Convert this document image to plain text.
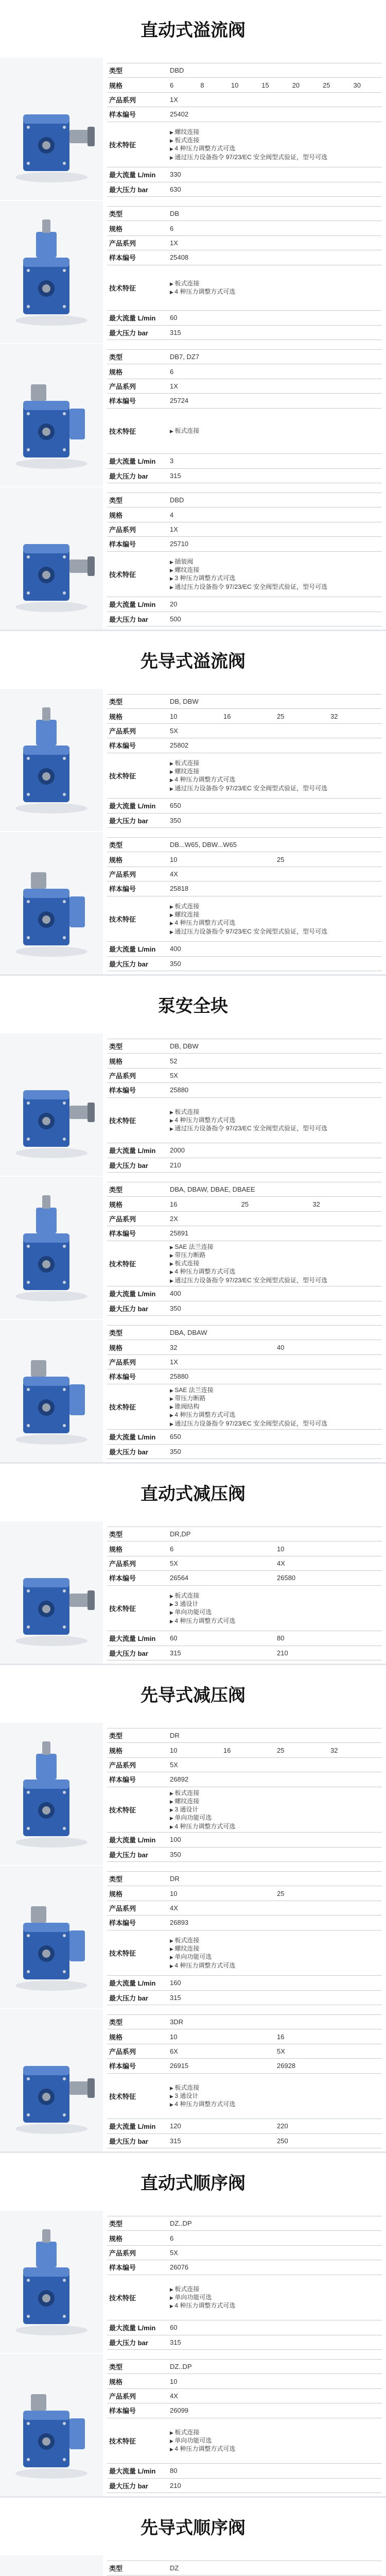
直动式溢流阀
类型	DBD
规格	6	8	10	15	20	25	30
产品系列	1X
样本编号	25402
技术特征
▶ 螺纹连接
▶ 板式连接
▶ 4 种压力调整方式可选
▶ 通过压力设备指令 97/23/EC 安全阀型式验证，型号可选
最大流量 L/min	330
最大压力 bar	630
类型	DB
规格	6
产品系列	1X
样本编号	25408
技术特征
▶ 板式连接
▶ 4 种压力调整方式可选
最大流量 L/min	60
最大压力 bar	315
类型	DB7, DZ7
规格	6
产品系列	1X
样本编号	25724
技术特征	▶ 板式连接
最大流量 L/min	3
最大压力 bar	315
类型	DBD
规格	4
产品系列	1X
样本编号	25710
技术特征
▶ 插装阀
▶ 螺纹连接
▶ 3 种压力调整方式可选
▶ 通过压力设备指令 97/23/EC 安全阀型式验证，型号可选
最大流量 L/min	20
最大压力 bar	500
先导式溢流阀
类型	DB, DBW
规格	10	16	25	32
产品系列	5X
样本编号	25802
技术特征
▶ 板式连接
▶ 螺纹连接
▶ 4 种压力调整方式可选
▶ 通过压力设备指令 97/23/EC 安全阀型式验证，型号可选
最大流量 L/min	650
最大压力 bar	350
类型	DB...W65, DBW...W65
规格	10	25
产品系列	4X
样本编号	25818
技术特征
▶ 板式连接
▶ 螺纹连接
▶ 4 种压力调整方式可选
▶ 通过压力设备指令 97/23/EC 安全阀型式验证，型号可选
最大流量 L/min	400
最大压力 bar	350
泵安全块
类型	DB, DBW
规格	52
产品系列	5X
样本编号	25880
技术特征
▶ 板式连接
▶ 4 种压力调整方式可选
▶ 通过压力设备指令 97/23/EC 安全阀型式验证，型号可选
最大流量 L/min	2000
最大压力 bar	210
类型	DBA, DBAW, DBAE, DBAEE
规格	16	25	32
产品系列	2X
样本编号	25891
技术特征
▶ SAE 法兰连接
▶ 带压力断路
▶ 板式连接
▶ 4 种压力调整方式可选
▶ 通过压力设备指令 97/23/EC 安全阀型式验证，型号可选
最大流量 L/min	400
最大压力 bar	350
类型	DBA, DBAW
规格	32	40
产品系列	1X
样本编号	25880
技术特征
▶ SAE 法兰连接
▶ 带压力断路
▶ 锥阀结构
▶ 4 种压力调整方式可选
▶ 通过压力设备指令 97/23/EC 安全阀型式验证，型号可选
最大流量 L/min	650
最大压力 bar	350
直动式减压阀
类型	DR,DP
规格	6	10
产品系列	5X	4X
样本编号	26564	26580
技术特征
▶ 板式连接
▶ 3 通设计
▶ 单向功能可选
▶ 4 种压力调整方式可选
最大流量 L/min	60	80
最大压力 bar	315	210
先导式减压阀
类型	DR
规格	10	16	25	32
产品系列	5X
样本编号	26892
技术特征
▶ 板式连接
▶ 螺纹连接
▶ 3 通设计
▶ 单向功能可选
▶ 4 种压力调整方式可选
最大流量 L/min	100
最大压力 bar	350
类型	DR
规格	10	25
产品系列	4X
样本编号	26893
技术特征
▶ 板式连接
▶ 螺纹连接
▶ 单向功能可选
▶ 4 种压力调整方式可选
最大流量 L/min	160
最大压力 bar	315
类型	3DR
规格	10	16
产品系列	6X	5X
样本编号	26915	26928
技术特征
▶ 板式连接
▶ 3 通设计
▶ 4 种压力调整方式可选
最大流量 L/min	120	220
最大压力 bar	315	250
直动式顺序阀
类型	DZ..DP
规格	6
产品系列	5X
样本编号	26076
技术特征
▶ 板式连接
▶ 单向功能可选
▶ 4 种压力调整方式可选
最大流量 L/min	60
最大压力 bar	315
类型	DZ..DP
规格	10
产品系列	4X
样本编号	26099
技术特征
▶ 板式连接
▶ 单向功能可选
▶ 4 种压力调整方式可选
最大流量 L/min	80
最大压力 bar	210
先导式顺序阀
类型	DZ
